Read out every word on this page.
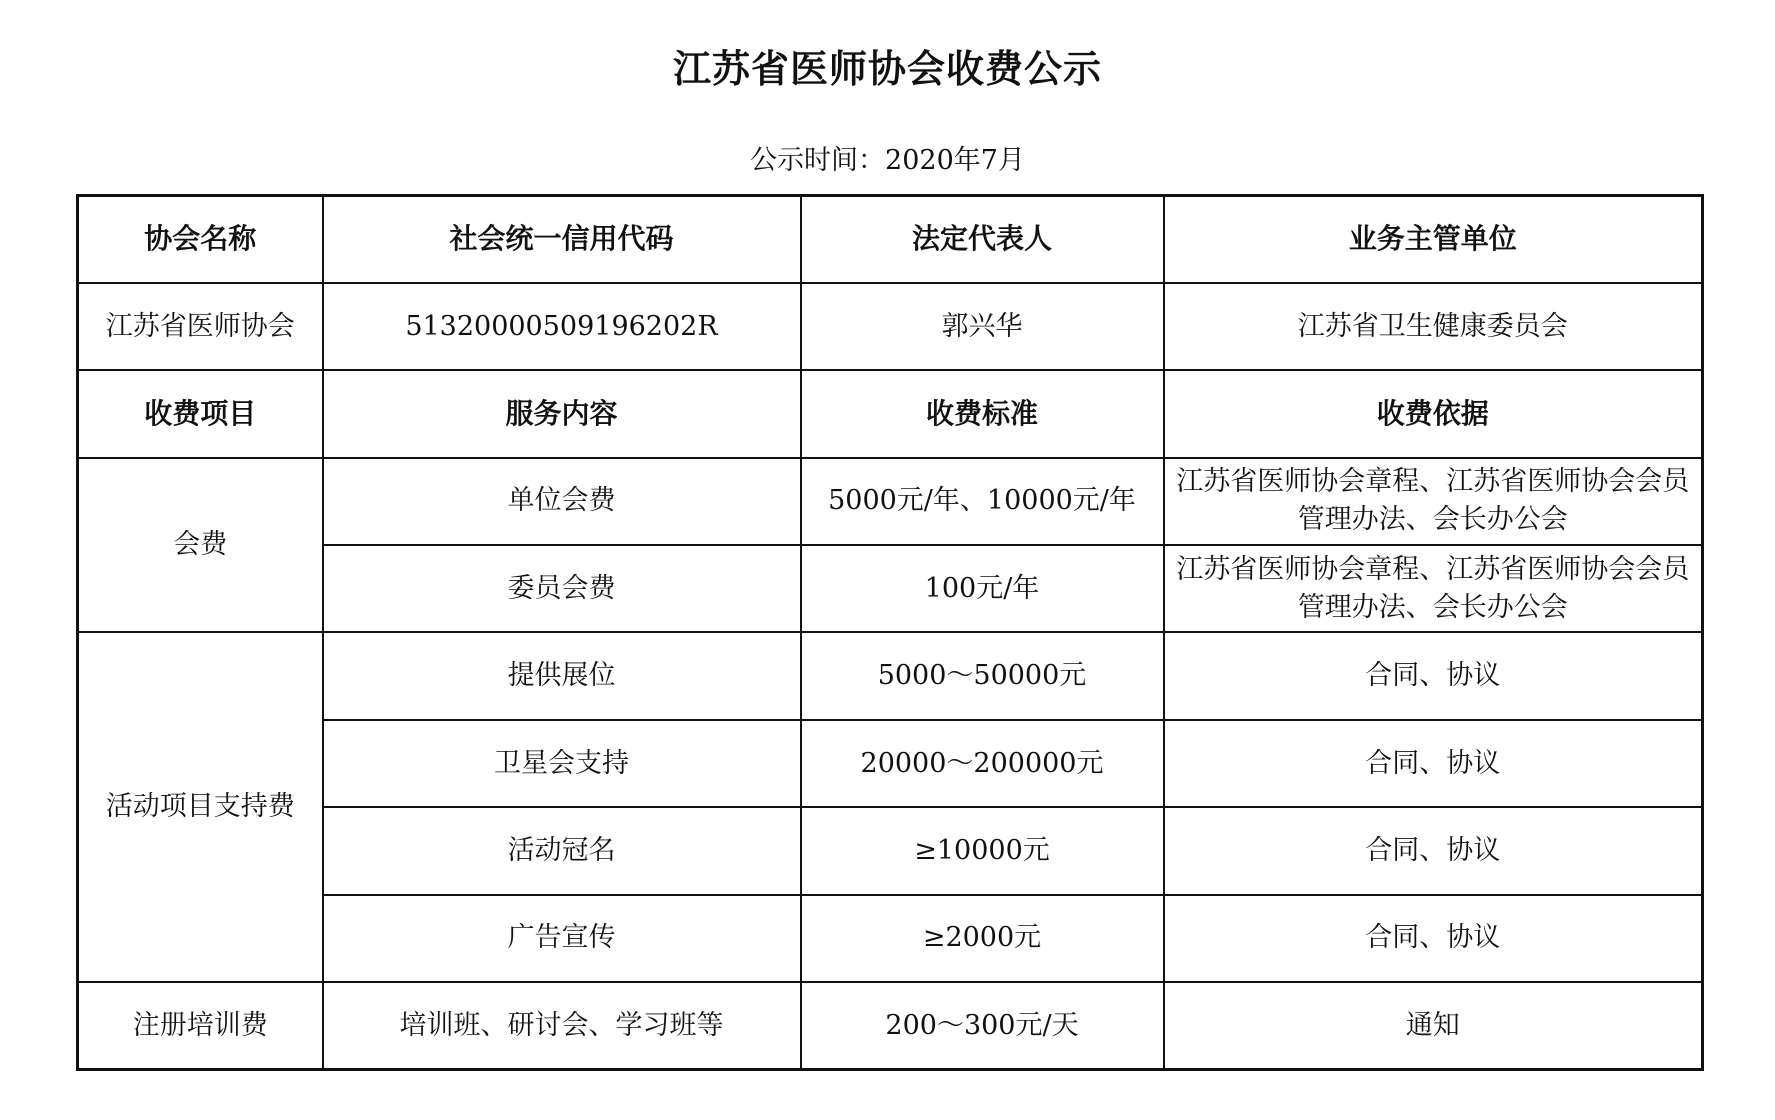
江苏省医师协会收费公示
公示时间：2020年7月
协会名称	社会统一信用代码	法定代表人	业务主管单位
江苏省医师协会	51320000509196202R	郭兴华	江苏省卫生健康委员会
收费项目	服务内容	收费标准	收费依据
会费	单位会费	5000元/年、10000元/年	江苏省医师协会章程、江苏省医师协会会员管理办法、会长办公会
	委员会费	100元/年	江苏省医师协会章程、江苏省医师协会会员管理办法、会长办公会
活动项目支持费	提供展位	5000～50000元	合同、协议
	卫星会支持	20000～200000元	合同、协议
	活动冠名	≥10000元	合同、协议
	广告宣传	≥2000元	合同、协议
注册培训费	培训班、研讨会、学习班等	200～300元/天	通知
